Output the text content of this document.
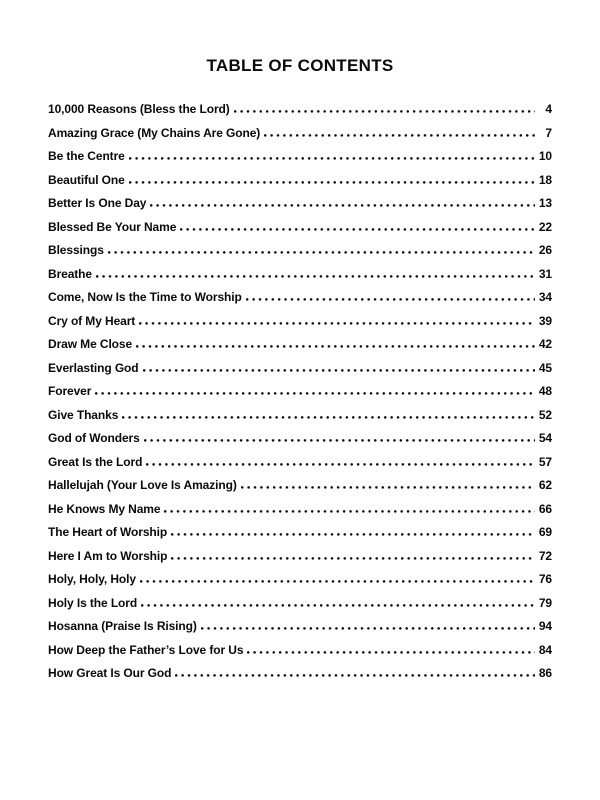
TABLE OF CONTENTS
10,000 Reasons (Bless the Lord)	4
Amazing Grace (My Chains Are Gone)	7
Be the Centre	10
Beautiful One	18
Better Is One Day	13
Blessed Be Your Name	22
Blessings	26
Breathe	31
Come, Now Is the Time to Worship	34
Cry of My Heart	39
Draw Me Close	42
Everlasting God	45
Forever	48
Give Thanks	52
God of Wonders	54
Great Is the Lord	57
Hallelujah (Your Love Is Amazing)	62
He Knows My Name	66
The Heart of Worship	69
Here I Am to Worship	72
Holy, Holy, Holy	76
Holy Is the Lord	79
Hosanna (Praise Is Rising)	94
How Deep the Father’s Love for Us	84
How Great Is Our God	86
